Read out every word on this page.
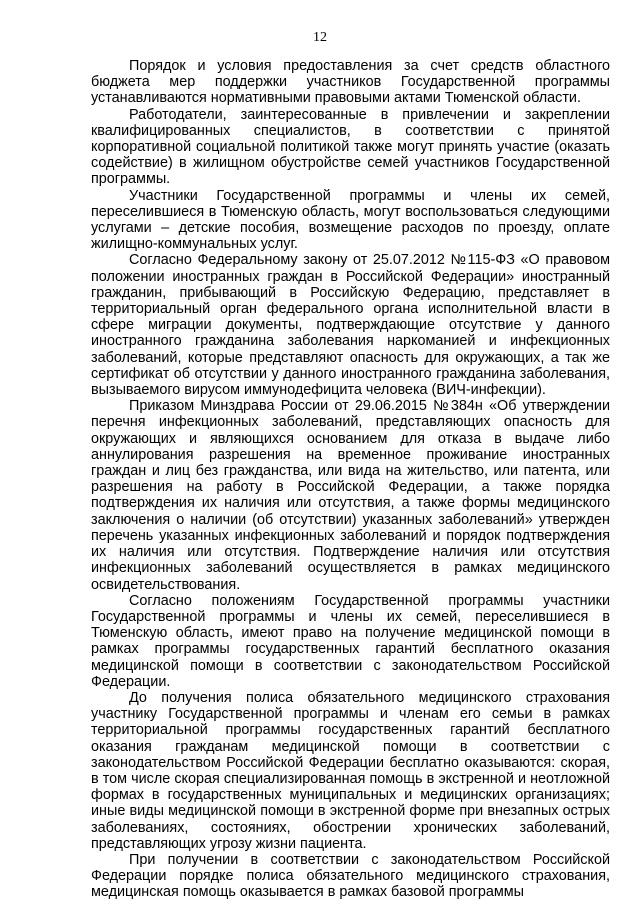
12

Порядок и условия предоставления за счет средств областного бюджета мер поддержки участников Государственной программы устанавливаются нормативными правовыми актами Тюменской области.

Работодатели, заинтересованные в привлечении и закреплении квалифицированных специалистов, в соответствии с принятой корпоративной социальной политикой также могут принять участие (оказать содействие) в жилищном обустройстве семей участников Государственной программы.

Участники Государственной программы и члены их семей, переселившиеся в Тюменскую область, могут воспользоваться следующими услугами – детские пособия, возмещение расходов по проезду, оплате жилищно-коммунальных услуг.

Согласно Федеральному закону от 25.07.2012 №115-ФЗ «О правовом положении иностранных граждан в Российской Федерации» иностранный гражданин, прибывающий в Российскую Федерацию, представляет в территориальный орган федерального органа исполнительной власти в сфере миграции документы, подтверждающие отсутствие у данного иностранного гражданина заболевания наркоманией и инфекционных заболеваний, которые представляют опасность для окружающих, а так же сертификат об отсутствии у данного иностранного гражданина заболевания, вызываемого вирусом иммунодефицита человека (ВИЧ-инфекции).

Приказом Минздрава России от 29.06.2015 №384н «Об утверждении перечня инфекционных заболеваний, представляющих опасность для окружающих и являющихся основанием для отказа в выдаче либо аннулирования разрешения на временное проживание иностранных граждан и лиц без гражданства, или вида на жительство, или патента, или разрешения на работу в Российской Федерации, а также порядка подтверждения их наличия или отсутствия, а также формы медицинского заключения о наличии (об отсутствии) указанных заболеваний» утвержден перечень указанных инфекционных заболеваний и порядок подтверждения их наличия или отсутствия. Подтверждение наличия или отсутствия инфекционных заболеваний осуществляется в рамках медицинского освидетельствования.

Согласно положениям Государственной программы участники Государственной программы и члены их семей, переселившиеся в Тюменскую область, имеют право на получение медицинской помощи в рамках программы государственных гарантий бесплатного оказания медицинской помощи в соответствии с законодательством Российской Федерации.

До получения полиса обязательного медицинского страхования участнику Государственной программы и членам его семьи в рамках территориальной программы государственных гарантий бесплатного оказания гражданам медицинской помощи в соответствии с законодательством Российской Федерации бесплатно оказываются: скорая, в том числе скорая специализированная помощь в экстренной и неотложной формах в государственных муниципальных и медицинских организациях; иные виды медицинской помощи в экстренной форме при внезапных острых заболеваниях, состояниях, обострении хронических заболеваний, представляющих угрозу жизни пациента.

При получении в соответствии с законодательством Российской Федерации порядке полиса обязательного медицинского страхования, медицинская помощь оказывается в рамках базовой программы
